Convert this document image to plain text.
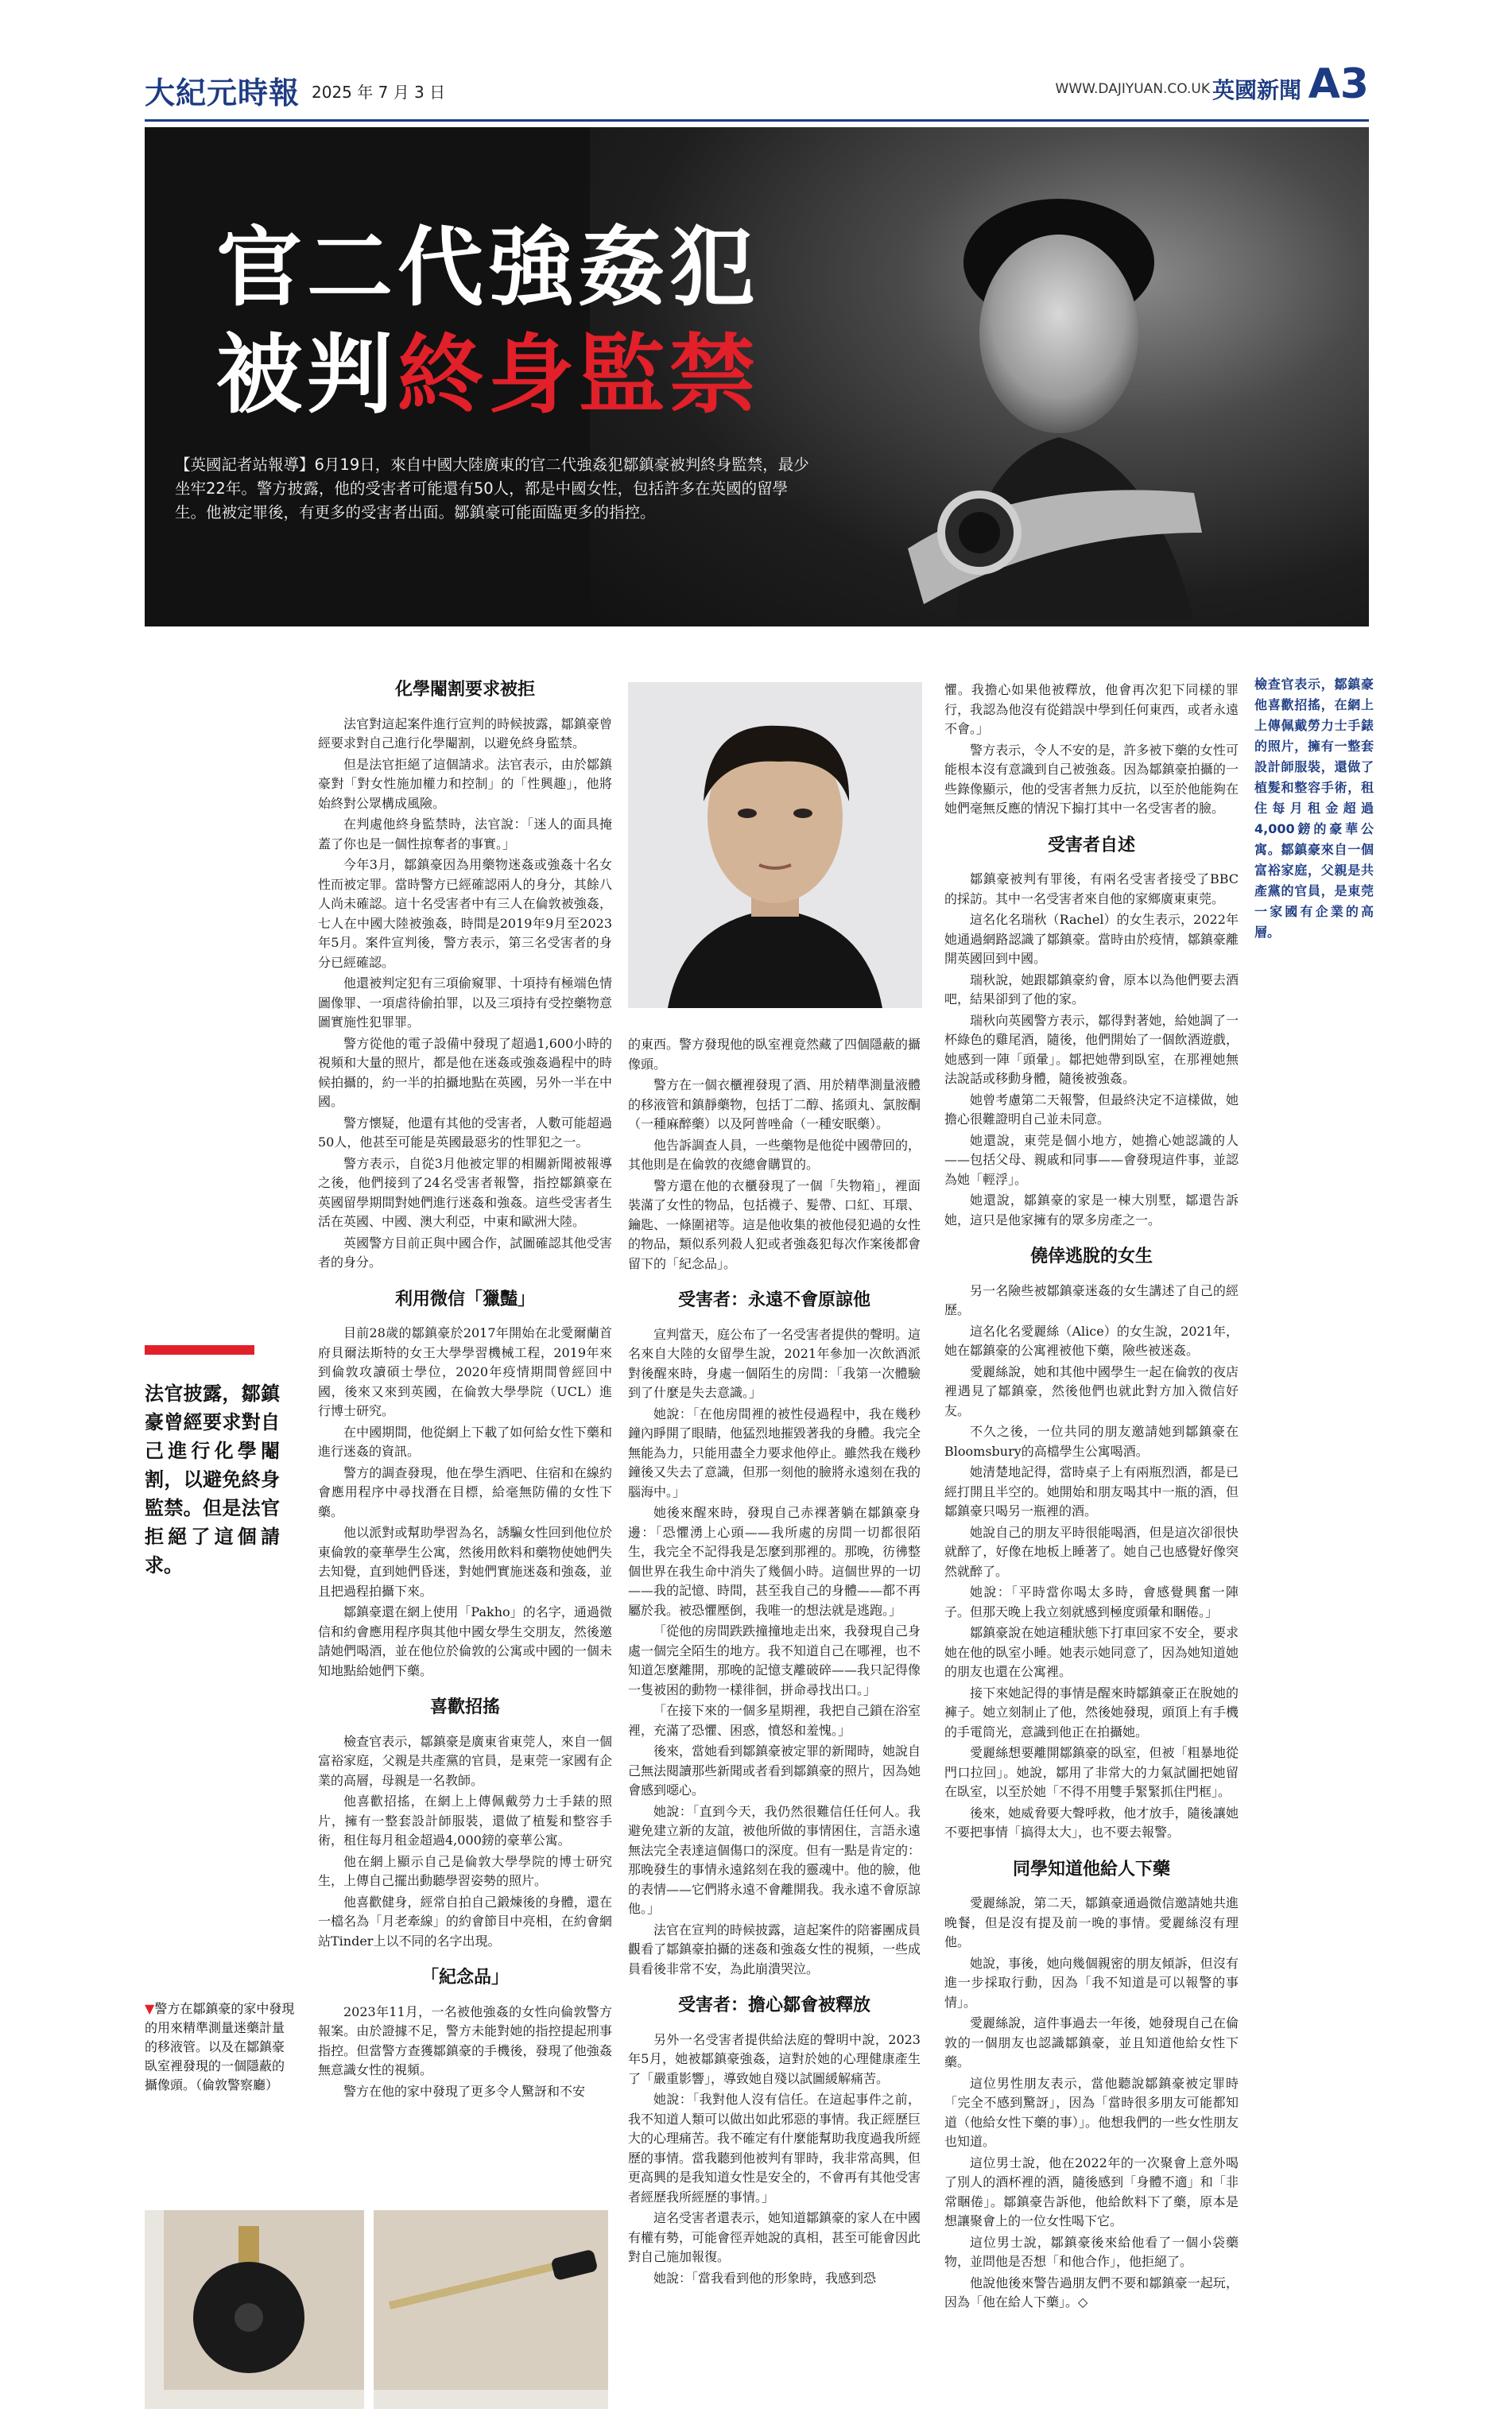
大紀元時報 2025 年 7 月 3 日	WWW.DAJIYUAN.CO.UK 英國新聞 A3
官二代強姦犯
被判終身監禁
【英國記者站報導】6月19日，來自中國大陸廣東的官二代強姦犯鄒鎮豪被判終身監禁，最少坐牢22年。警方披露，他的受害者可能還有50人，都是中國女性，包括許多在英國的留學生。他被定罪後，有更多的受害者出面。鄒鎮豪可能面臨更多的指控。
檢查官表示，鄒鎮豪他喜歡招搖，在網上上傳佩戴勞力士手錶的照片，擁有一整套設計師服裝，還做了植髮和整容手術，租住每月租金超過4,000鎊的豪華公寓。鄒鎮豪來自一個富裕家庭，父親是共產黨的官員，是東莞一家國有企業的高層。
法官披露，鄒鎮豪曾經要求對自己進行化學閹割，以避免終身監禁。但是法官拒絕了這個請求。
▼警方在鄒鎮豪的家中發現的用來精準測量迷藥計量的移液管。以及在鄒鎮豪臥室裡發現的一個隱蔽的攝像頭。（倫敦警察廳）
化學閹割要求被拒

法官對這起案件進行宣判的時候披露，鄒鎮豪曾經要求對自己進行化學閹割，以避免終身監禁。

但是法官拒絕了這個請求。法官表示，由於鄒鎮豪對「對女性施加權力和控制」的「性興趣」，他將始終對公眾構成風險。

在判處他終身監禁時，法官說：「迷人的面具掩蓋了你也是一個性掠奪者的事實。」

今年3月，鄒鎮豪因為用藥物迷姦或強姦十名女性而被定罪。當時警方已經確認兩人的身分，其餘八人尚未確認。這十名受害者中有三人在倫敦被強姦，七人在中國大陸被強姦，時間是2019年9月至2023年5月。案件宣判後，警方表示，第三名受害者的身分已經確認。

他還被判定犯有三項偷窺罪、十項持有極端色情圖像罪、一項虐待偷拍罪，以及三項持有受控藥物意圖實施性犯罪罪。

警方從他的電子設備中發現了超過1,600小時的視頻和大量的照片，都是他在迷姦或強姦過程中的時候拍攝的，約一半的拍攝地點在英國，另外一半在中國。

警方懷疑，他還有其他的受害者，人數可能超過50人，他甚至可能是英國最惡劣的性罪犯之一。

警方表示，自從3月他被定罪的相關新聞被報導之後，他們接到了24名受害者報警，指控鄒鎮豪在英國留學期間對她們進行迷姦和強姦。這些受害者生活在英國、中國、澳大利亞，中東和歐洲大陸。

英國警方目前正與中國合作，試圖確認其他受害者的身分。

利用微信「獵豔」

目前28歲的鄒鎮豪於2017年開始在北愛爾蘭首府貝爾法斯特的女王大學學習機械工程，2019年來到倫敦攻讀碩士學位，2020年疫情期間曾經回中國，後來又來到英國，在倫敦大學學院（UCL）進行博士研究。

在中國期間，他從網上下載了如何給女性下藥和進行迷姦的資訊。

警方的調查發現，他在學生酒吧、住宿和在線約會應用程序中尋找潛在目標，給毫無防備的女性下藥。

他以派對或幫助學習為名，誘騙女性回到他位於東倫敦的豪華學生公寓，然後用飲料和藥物使她們失去知覺，直到她們昏迷，對她們實施迷姦和強姦，並且把過程拍攝下來。

鄒鎮豪還在網上使用「Pakho」的名字，通過微信和約會應用程序與其他中國女學生交朋友，然後邀請她們喝酒，並在他位於倫敦的公寓或中國的一個未知地點給她們下藥。

喜歡招搖

檢查官表示，鄒鎮豪是廣東省東莞人，來自一個富裕家庭，父親是共產黨的官員，是東莞一家國有企業的高層，母親是一名教師。

他喜歡招搖，在網上上傳佩戴勞力士手錶的照片，擁有一整套設計師服裝，還做了植髮和整容手術，租住每月租金超過4,000鎊的豪華公寓。

他在網上顯示自己是倫敦大學學院的博士研究生，上傳自己擺出動聽學習姿勢的照片。

他喜歡健身，經常自拍自己鍛煉後的身體，還在一檔名為「月老牽線」的約會節目中亮相，在約會網站Tinder上以不同的名字出現。

「紀念品」

2023年11月，一名被他強姦的女性向倫敦警方報案。由於證據不足，警方未能對她的指控提起刑事指控。但當警方查獲鄒鎮豪的手機後，發現了他強姦無意識女性的視頻。

警方在他的家中發現了更多令人驚訝和不安

的東西。警方發現他的臥室裡竟然藏了四個隱蔽的攝像頭。

警方在一個衣櫃裡發現了酒、用於精準測量液體的移液管和鎮靜藥物，包括丁二醇、搖頭丸、氯胺酮（一種麻醉藥）以及阿普唑侖（一種安眠藥）。

他告訴調查人員，一些藥物是他從中國帶回的，其他則是在倫敦的夜總會購買的。

警方還在他的衣櫃發現了一個「失物箱」，裡面裝滿了女性的物品，包括襪子、髮帶、口紅、耳環、鑰匙、一條圍裙等。這是他收集的被他侵犯過的女性的物品，類似系列殺人犯或者強姦犯每次作案後都會留下的「紀念品」。

受害者：永遠不會原諒他

宣判當天，庭公布了一名受害者提供的聲明。這名來自大陸的女留學生說，2021年參加一次飲酒派對後醒來時，身處一個陌生的房間：「我第一次體驗到了什麼是失去意識。」

她說：「在他房間裡的被性侵過程中，我在幾秒鐘內睜開了眼睛，他猛烈地摧毀著我的身體。我完全無能為力，只能用盡全力要求他停止。雖然我在幾秒鐘後又失去了意識，但那一刻他的臉將永遠刻在我的腦海中。」

她後來醒來時，發現自己赤裸著躺在鄒鎮豪身邊：「恐懼湧上心頭——我所處的房間一切都很陌生，我完全不記得我是怎麼到那裡的。那晚，彷彿整個世界在我生命中消失了幾個小時。這個世界的一切——我的記憶、時間，甚至我自己的身體——都不再屬於我。被恐懼壓倒，我唯一的想法就是逃跑。」

「從他的房間跌跌撞撞地走出來，我發現自己身處一個完全陌生的地方。我不知道自己在哪裡，也不知道怎麼離開，那晚的記憶支離破碎——我只記得像一隻被困的動物一樣徘徊，拼命尋找出口。」

「在接下來的一個多星期裡，我把自己鎖在浴室裡，充滿了恐懼、困惑，憤怒和羞愧。」

後來，當她看到鄒鎮豪被定罪的新聞時，她說自己無法閱讀那些新聞或者看到鄒鎮豪的照片，因為她會感到噁心。

她說：「直到今天，我仍然很難信任任何人。我避免建立新的友誼，被他所做的事情困住，言語永遠無法完全表達這個傷口的深度。但有一點是肯定的：那晚發生的事情永遠銘刻在我的靈魂中。他的臉，他的表情——它們將永遠不會離開我。我永遠不會原諒他。」

法官在宣判的時候披露，這起案件的陪審團成員觀看了鄒鎮豪拍攝的迷姦和強姦女性的視頻，一些成員看後非常不安，為此崩潰哭泣。

受害者：擔心鄒會被釋放

另外一名受害者提供給法庭的聲明中說，2023年5月，她被鄒鎮豪強姦，這對於她的心理健康產生了「嚴重影響」，導致她自殘以試圖緩解痛苦。

她說：「我對他人沒有信任。在這起事件之前，我不知道人類可以做出如此邪惡的事情。我正經歷巨大的心理痛苦。我不確定有什麼能幫助我度過我所經歷的事情。當我聽到他被判有罪時，我非常高興，但更高興的是我知道女性是安全的，不會再有其他受害者經歷我所經歷的事情。」

這名受害者還表示，她知道鄒鎮豪的家人在中國有權有勢，可能會徑弄她說的真相，甚至可能會因此對自己施加報復。

她說：「當我看到他的形象時，我感到恐

懼。我擔心如果他被釋放，他會再次犯下同樣的罪行，我認為他沒有從錯誤中學到任何東西，或者永遠不會。」

警方表示，令人不安的是，許多被下藥的女性可能根本沒有意識到自己被強姦。因為鄒鎮豪拍攝的一些錄像顯示，他的受害者無力反抗，以至於他能夠在她們毫無反應的情況下搧打其中一名受害者的臉。

受害者自述

鄒鎮豪被判有罪後，有兩名受害者接受了BBC的採訪。其中一名受害者來自他的家鄉廣東東莞。

這名化名瑞秋（Rachel）的女生表示，2022年她通過網路認識了鄒鎮豪。當時由於疫情，鄒鎮豪離開英國回到中國。

瑞秋說，她跟鄒鎮豪約會，原本以為他們要去酒吧，結果卻到了他的家。

瑞秋向英國警方表示，鄒得對著她，給她調了一杯綠色的雞尾酒，隨後，他們開始了一個飲酒遊戲，她感到一陣「頭暈」。鄒把她帶到臥室，在那裡她無法說話或移動身體，隨後被強姦。

她曾考慮第二天報警，但最終決定不這樣做，她擔心很難證明自己並未同意。

她還說，東莞是個小地方，她擔心她認識的人——包括父母、親戚和同事——會發現這件事，並認為她「輕浮」。

她還說，鄒鎮豪的家是一棟大別墅，鄒還告訴她，這只是他家擁有的眾多房產之一。

僥倖逃脫的女生

另一名險些被鄒鎮豪迷姦的女生講述了自己的經歷。

這名化名愛麗絲（Alice）的女生說，2021年，她在鄒鎮豪的公寓裡被他下藥，險些被迷姦。

愛麗絲說，她和其他中國學生一起在倫敦的夜店裡遇見了鄒鎮豪，然後他們也就此對方加入微信好友。

不久之後，一位共同的朋友邀請她到鄒鎮豪在Bloomsbury的高檔學生公寓喝酒。

她清楚地記得，當時桌子上有兩瓶烈酒，都是已經打開且半空的。她開始和朋友喝其中一瓶的酒，但鄒鎮豪只喝另一瓶裡的酒。

她說自己的朋友平時很能喝酒，但是這次卻很快就醉了，好像在地板上睡著了。她自己也感覺好像突然就醉了。

她說：「平時當你喝太多時，會感覺興奮一陣子。但那天晚上我立刻就感到極度頭暈和睏倦。」

鄒鎮豪說在她這種狀態下打車回家不安全，要求她在他的臥室小睡。她表示她同意了，因為她知道她的朋友也還在公寓裡。

接下來她記得的事情是醒來時鄒鎮豪正在脫她的褲子。她立刻制止了他，然後她發現，頭頂上有手機的手電筒光，意識到他正在拍攝她。

愛麗絲想要離開鄒鎮豪的臥室，但被「粗暴地從門口拉回」。她說，鄒用了非常大的力氣試圖把她留在臥室，以至於她「不得不用雙手緊緊抓住門框」。

後來，她威脅要大聲呼救，他才放手，隨後讓她不要把事情「搞得太大」，也不要去報警。

同學知道他給人下藥

愛麗絲說，第二天，鄒鎮豪通過微信邀請她共進晚餐，但是沒有提及前一晚的事情。愛麗絲沒有理他。

她說，事後，她向幾個親密的朋友傾訴，但沒有進一步採取行動，因為「我不知道是可以報警的事情」。

愛麗絲說，這件事過去一年後，她發現自己在倫敦的一個朋友也認識鄒鎮豪，並且知道他給女性下藥。

這位男性朋友表示，當他聽說鄒鎮豪被定罪時「完全不感到驚訝」，因為「當時很多朋友可能都知道（他給女性下藥的事）」。他想我們的一些女性朋友也知道。

這位男士說，他在2022年的一次聚會上意外喝了別人的酒杯裡的酒，隨後感到「身體不適」和「非常睏倦」。鄒鎮豪告訴他，他給飲料下了藥，原本是想讓聚會上的一位女性喝下它。

這位男士說，鄒鎮豪後來給他看了一個小袋藥物，並問他是否想「和他合作」，他拒絕了。

他說他後來警告過朋友們不要和鄒鎮豪一起玩，因為「他在給人下藥」。◇
